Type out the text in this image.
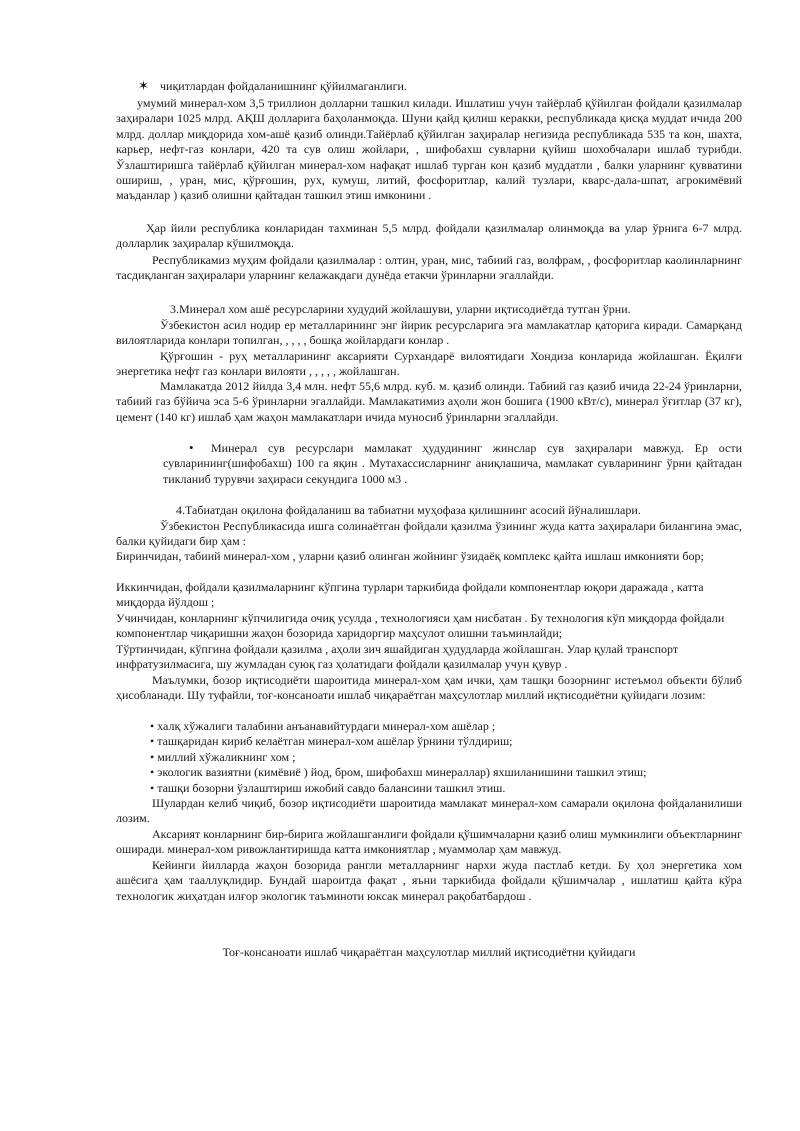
✶ чиқитлардан фойдаланишнинг қўйилмаганлиги.

умумий минерал-хом 3,5 триллион долларни ташкил килади. Ишлатиш учун тайёрлаб қўйилган фойдали қазилмалар заҳиралари 1025 млрд. АҚШ долларига баҳоланмоқда. Шуни қайд қилиш керакки, республикада қисқа муддат ичида 200 млрд. доллар миқдорида хом-ашё қазиб олинди.Тайёрлаб қўйилган заҳиралар негизида республикада 535 та кон, шахта, карьер, нефт-газ конлари, 420 та сув олиш жойлари, , шифобахш сувларни қуйиш шохобчалари ишлаб турибди. Ўзлаштиришга тайёрлаб қўйилган минерал-хом нафақат ишлаб турган кон қазиб муддатли , балки уларнинг қувватини ошириш, , уран, мис, қўрғошин, рух, кумуш, литий, фосфоритлар, калий тузлари, кварс-дала-шпат, агрокимёвий маъданлар ) қазиб олишни қайтадан ташкил этиш имконини .

Ҳар йили республика конларидан тахминан 5,5 млрд. фойдали қазилмалар олинмоқда ва улар ўрнига 6-7 млрд. долларлик заҳиралар кўшилмоқда.

Республикамиз муҳим фойдали қазилмалар : олтин, уран, мис, табиий газ, волфрам, , фосфоритлар каолинларнинг тасдиқланган заҳиралари уларнинг келажакдаги дунёда етакчи ўринларни эгаллайди.

3.Минерал хом ашё ресурсларини худудий жойлашуви, уларни иқтисодиётда тутган ўрни.

Ўзбекистон асил нодир ер металларининг энг йирик ресурсларига эга мамлакатлар қаторига киради. Самарқанд вилоятларида конлари топилган, , , , , бошқа жойлардаги конлар .

Қўрғошин - руҳ металларининг аксарияти Сурхандарё вилоятидаги Хондиза конларида жойлашган. Ёқилғи энергетика нефт газ конлари вилояти , , , , , жойлашган.

Мамлакатда 2012 йилда 3,4 млн. нефт 55,6 млрд. куб. м. қазиб олинди. Табиий газ қазиб ичида 22-24 ўринларни, табиий газ бўйича эса 5-6 ўринларни эгаллайди. Мамлакатимиз аҳоли жон бошига (1900 кВт/с), минерал ўғитлар (37 кг), цемент (140 кг) ишлаб ҳам жаҳон мамлакатлари ичида муносиб ўринларни эгаллайди.

•	Минерал сув ресурслари мамлакат ҳудудининг жинслар сув заҳиралари мавжуд. Ер ости сувларининг(шифобахш) 100 га яқин . Мутахассисларнинг аниқлашича, мамлакат сувларининг ўрни қайтадан тикланиб турувчи заҳираси секундига 1000 м3 .

4.Табиатдан оқилона фойдаланиш ва табиатни муҳофаза қилишнинг асосий йўналишлари.

Ўзбекистон Республикасида ишга солинаётган фойдали қазилма ўзининг жуда катта заҳиралари билангина эмас, балки қуйидаги бир ҳам :

Биринчидан, табиий минерал-хом , уларни қазиб олинган жойнинг ўзидаёқ комплекс қайта ишлаш имконияти бор;

Иккинчидан, фойдали қазилмаларнинг кўпгина турлари таркибида фойдали компонентлар юқори даражада , катта миқдорда йўлдош ;

Учинчидан, конларнинг кўпчилигида очиқ усулда , технологияси ҳам нисбатан . Бу технология кўп миқдорда фойдали компонентлар чиқаришни жаҳон бозорида харидоргир маҳсулот олишни таъминлайди;

Тўртинчидан, кўпгина фойдали қазилма , аҳоли зич яшайдиган ҳудудларда жойлашган. Улар қулай транспорт инфратузилмасига, шу жумладан суюқ газ ҳолатидаги фойдали қазилмалар учун қувур .

Маълумки, бозор иқтисодиёти шароитида минерал-хом ҳам ички, ҳам ташқи бозорнинг истеъмол объекти бўлиб ҳисобланади. Шу туфайли, тоғ-консаноати ишлаб чиқараётган маҳсулотлар миллий иқтисодиётни қуйидаги лозим:

• халқ хўжалиги талабини анъанавийтурдаги минерал-хом ашёлар ;
• ташқаридан кириб келаётган минерал-хом ашёлар ўрнини тўлдириш;
• миллий хўжаликнинг хом ;
• экологик вазиятни (кимёвиё ) йод, бром, шифобахш минераллар) яхшиланишини ташкил этиш;
• ташқи бозорни ўзлаштириш ижобий савдо балансини ташкил этиш.

Шулардан келиб чиқиб, бозор иқтисодиёти шароитида мамлакат минерал-хом самарали оқилона фойдаланилиши лозим.

Аксарият конларнинг бир-бирига жойлашганлиги фойдали қўшимчаларни қазиб олиш мумкинлиги объектларнинг оширади. минерал-хом ривожлантиришда катта имкониятлар , муаммолар ҳам мавжуд.

Кейинги йилларда жаҳон бозорида рангли металларнинг нархи жуда пастлаб кетди. Бу ҳол энергетика хом ашёсига ҳам тааллуқлидир. Бундай шароитда фақат , яъни таркибида фойдали қўшимчалар , ишлатиш қайта кўра технологик жиҳатдан илғор экологик таъминоти юксак минерал рақобатбардош .

Тоғ-консаноати ишлаб чиқараётган маҳсулотлар миллий иқтисодиётни қуйидаги
